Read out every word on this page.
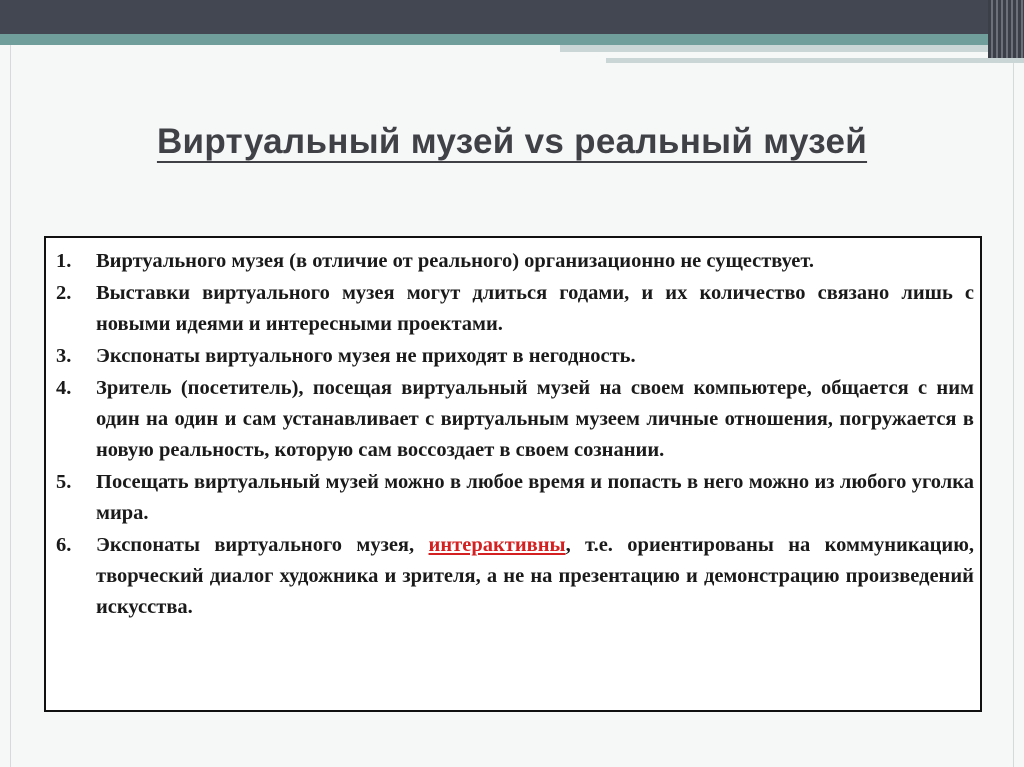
Виртуальный музей vs реальный музей
1.	Виртуального музея (в отличие от реального) организационно не существует.
2.	Выставки виртуального музея могут длиться годами, и их количество связано лишь с новыми идеями и интересными проектами.
3.	Экспонаты виртуального музея не приходят в негодность.
4.	Зритель (посетитель), посещая виртуальный музей на своем компьютере, общается с ним один на один и сам устанавливает с виртуальным музеем личные отношения, погружается в новую реальность, которую сам воссоздает в своем сознании.
5.	Посещать виртуальный музей можно в любое время и попасть в него можно из любого уголка мира.
6.	Экспонаты виртуального музея, интерактивны, т.е. ориентированы на коммуникацию, творческий диалог художника и зрителя, а не на презентацию и демонстрацию произведений искусства.
